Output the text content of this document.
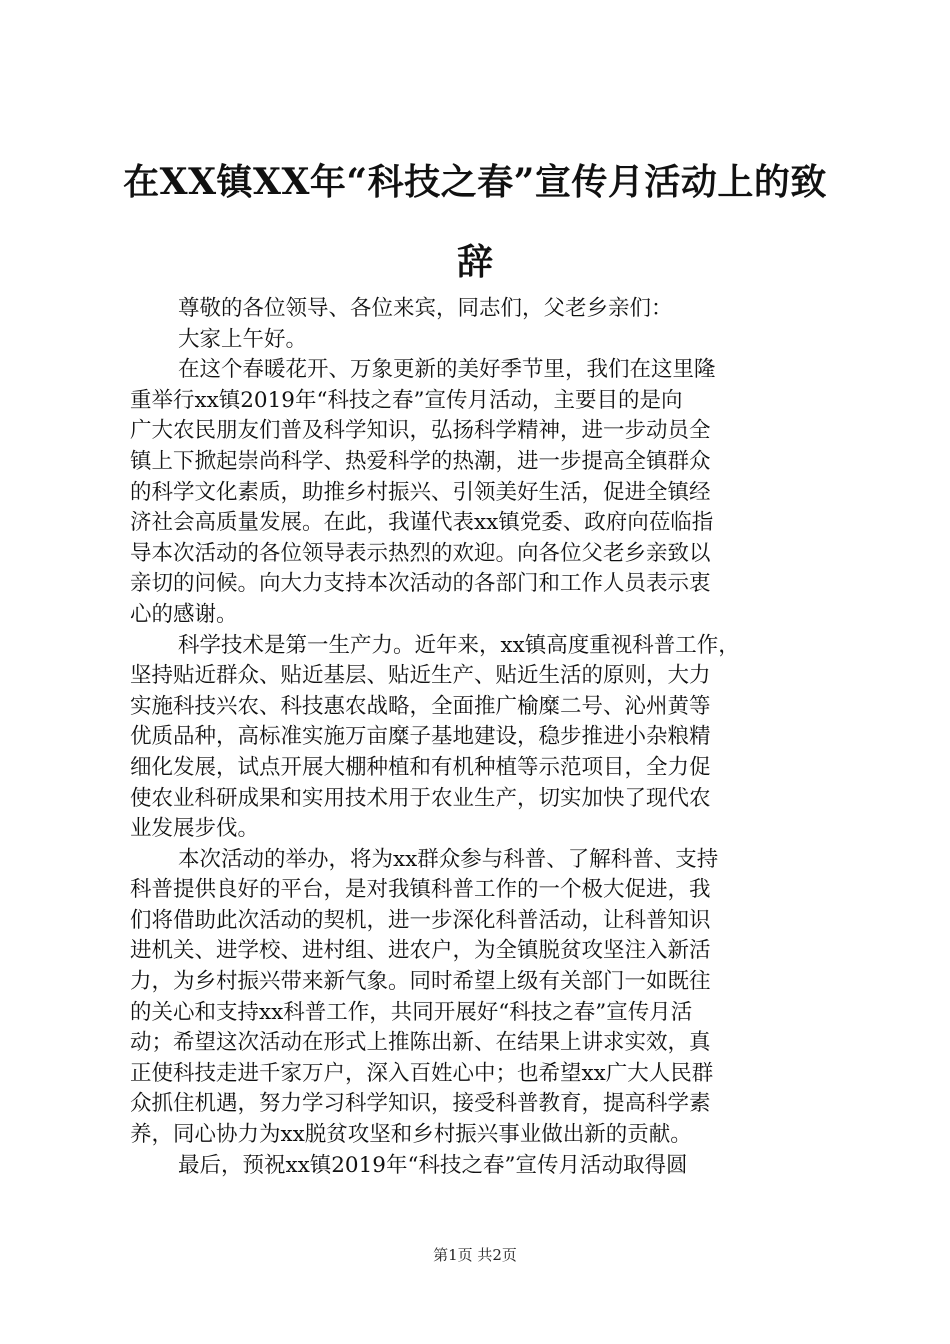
在XX镇XX年“科技之春”宣传月活动上的致
辞
尊敬的各位领导、各位来宾，同志们，父老乡亲们：
大家上午好。
在这个春暖花开、万象更新的美好季节里，我们在这里隆
重举行xx镇2019年“科技之春”宣传月活动，主要目的是向
广大农民朋友们普及科学知识，弘扬科学精神，进一步动员全
镇上下掀起崇尚科学、热爱科学的热潮，进一步提高全镇群众
的科学文化素质，助推乡村振兴、引领美好生活，促进全镇经
济社会高质量发展。在此，我谨代表xx镇党委、政府向莅临指
导本次活动的各位领导表示热烈的欢迎。向各位父老乡亲致以
亲切的问候。向大力支持本次活动的各部门和工作人员表示衷
心的感谢。
科学技术是第一生产力。近年来，xx镇高度重视科普工作，
坚持贴近群众、贴近基层、贴近生产、贴近生活的原则，大力
实施科技兴农、科技惠农战略，全面推广榆糜二号、沁州黄等
优质品种，高标准实施万亩糜子基地建设，稳步推进小杂粮精
细化发展，试点开展大棚种植和有机种植等示范项目，全力促
使农业科研成果和实用技术用于农业生产，切实加快了现代农
业发展步伐。
本次活动的举办，将为xx群众参与科普、了解科普、支持
科普提供良好的平台，是对我镇科普工作的一个极大促进，我
们将借助此次活动的契机，进一步深化科普活动，让科普知识
进机关、进学校、进村组、进农户，为全镇脱贫攻坚注入新活
力，为乡村振兴带来新气象。同时希望上级有关部门一如既往
的关心和支持xx科普工作，共同开展好“科技之春”宣传月活
动；希望这次活动在形式上推陈出新、在结果上讲求实效，真
正使科技走进千家万户，深入百姓心中；也希望xx广大人民群
众抓住机遇，努力学习科学知识，接受科普教育，提高科学素
养，同心协力为xx脱贫攻坚和乡村振兴事业做出新的贡献。
最后，预祝xx镇2019年“科技之春”宣传月活动取得圆
第1页 共2页
